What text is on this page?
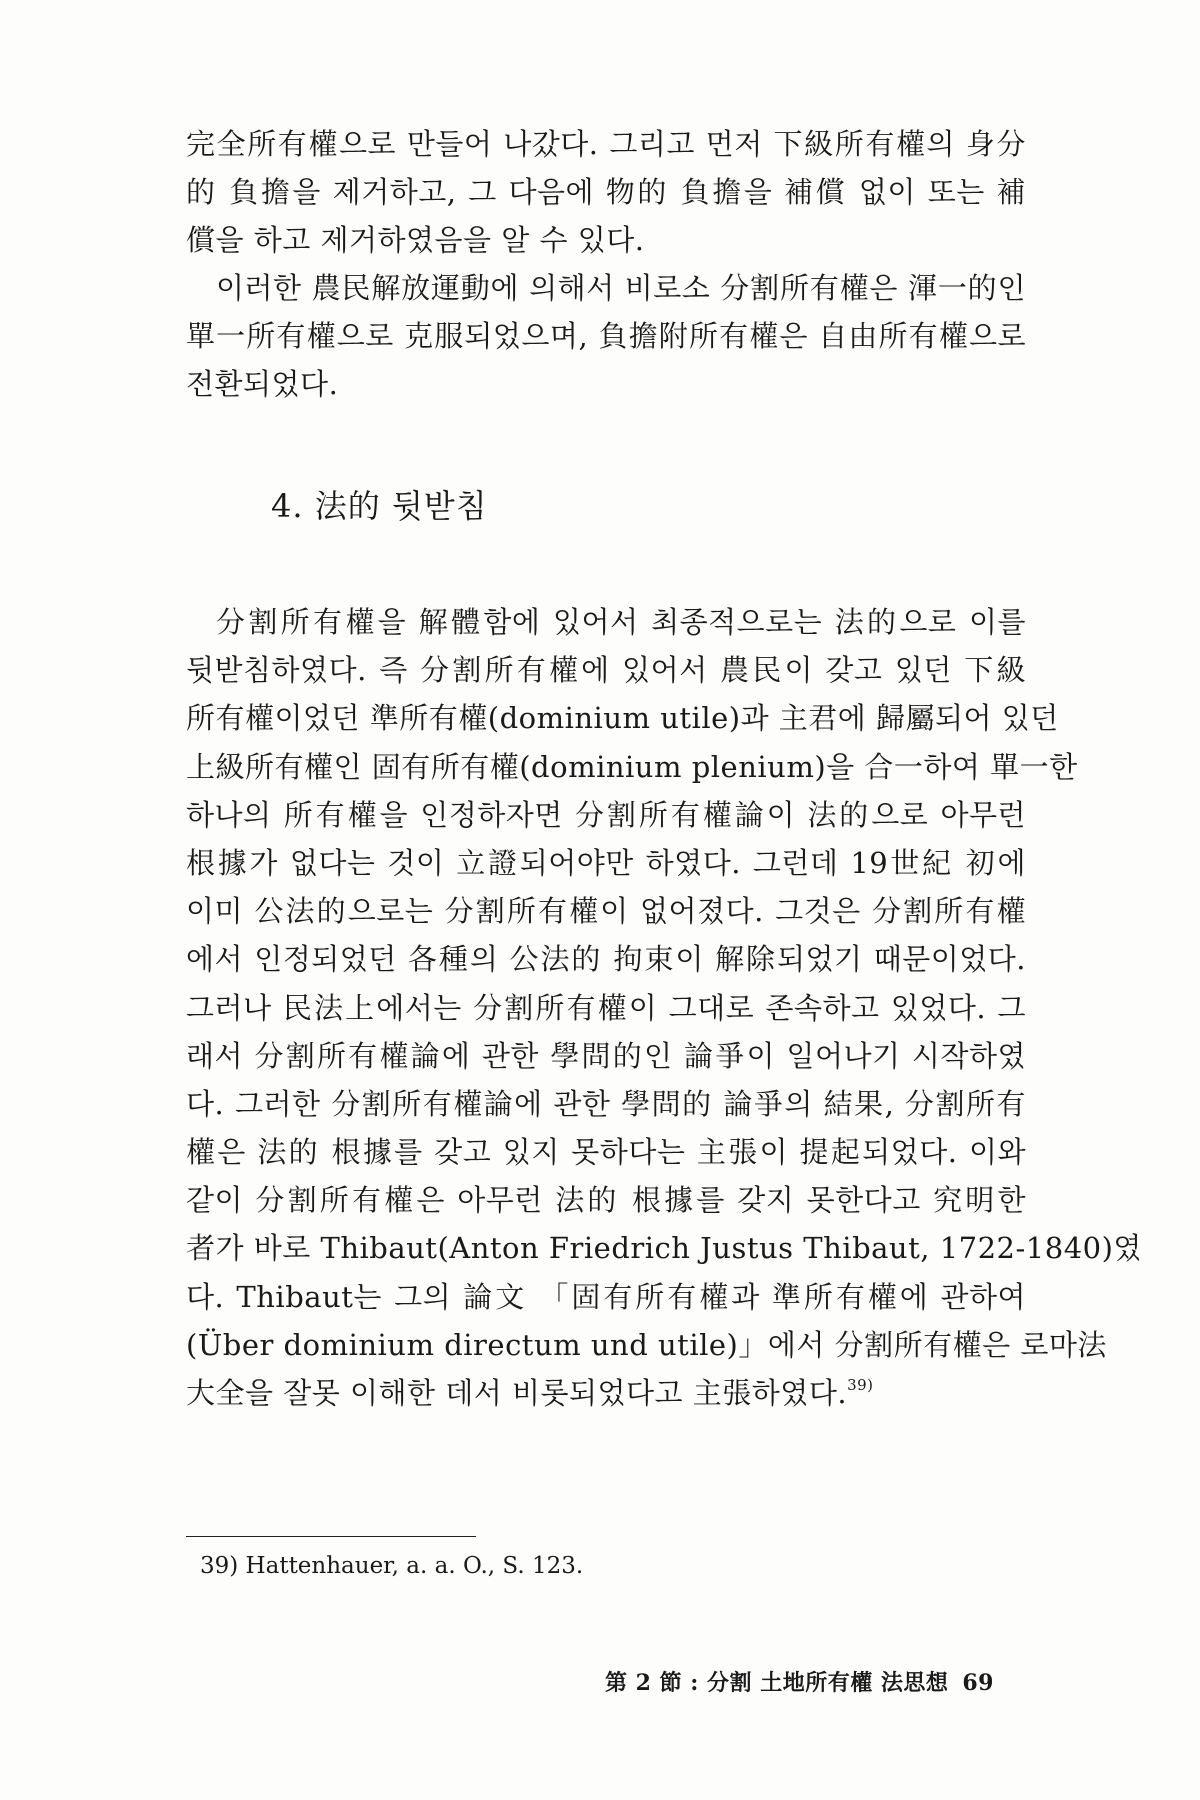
完全所有權으로 만들어 나갔다. 그리고 먼저 下級所有權의 身分
的 負擔을 제거하고, 그 다음에 物的 負擔을 補償 없이 또는 補
償을 하고 제거하였음을 알 수 있다.
이러한 農民解放運動에 의해서 비로소 分割所有權은 渾一的인
單一所有權으로 克服되었으며, 負擔附所有權은 自由所有權으로
전환되었다.
4. 法的 뒷받침
分割所有權을 解體함에 있어서 최종적으로는 法的으로 이를
뒷받침하였다. 즉 分割所有權에 있어서 農民이 갖고 있던 下級
所有權이었던 準所有權(dominium utile)과 主君에 歸屬되어 있던
上級所有權인 固有所有權(dominium plenium)을 合一하여 單一한
하나의 所有權을 인정하자면 分割所有權論이 法的으로 아무런
根據가 없다는 것이 立證되어야만 하였다. 그런데 19世紀 初에
이미 公法的으로는 分割所有權이 없어졌다. 그것은 分割所有權
에서 인정되었던 各種의 公法的 拘束이 解除되었기 때문이었다.
그러나 民法上에서는 分割所有權이 그대로 존속하고 있었다. 그
래서 分割所有權論에 관한 學問的인 論爭이 일어나기 시작하였
다. 그러한 分割所有權論에 관한 學問的 論爭의 結果, 分割所有
權은 法的 根據를 갖고 있지 못하다는 主張이 提起되었다. 이와
같이 分割所有權은 아무런 法的 根據를 갖지 못한다고 究明한
者가 바로 Thibaut(Anton Friedrich Justus Thibaut, 1722-1840)였
다. Thibaut는 그의 論文 「固有所有權과 準所有權에 관하여
(Über dominium directum und utile)」에서 分割所有權은 로마法
大全을 잘못 이해한 데서 비롯되었다고 主張하였다.$^{39)}$
39) Hattenhauer, a. a. O., S. 123.
第 2 節 : 分割 土地所有權 法思想 69
